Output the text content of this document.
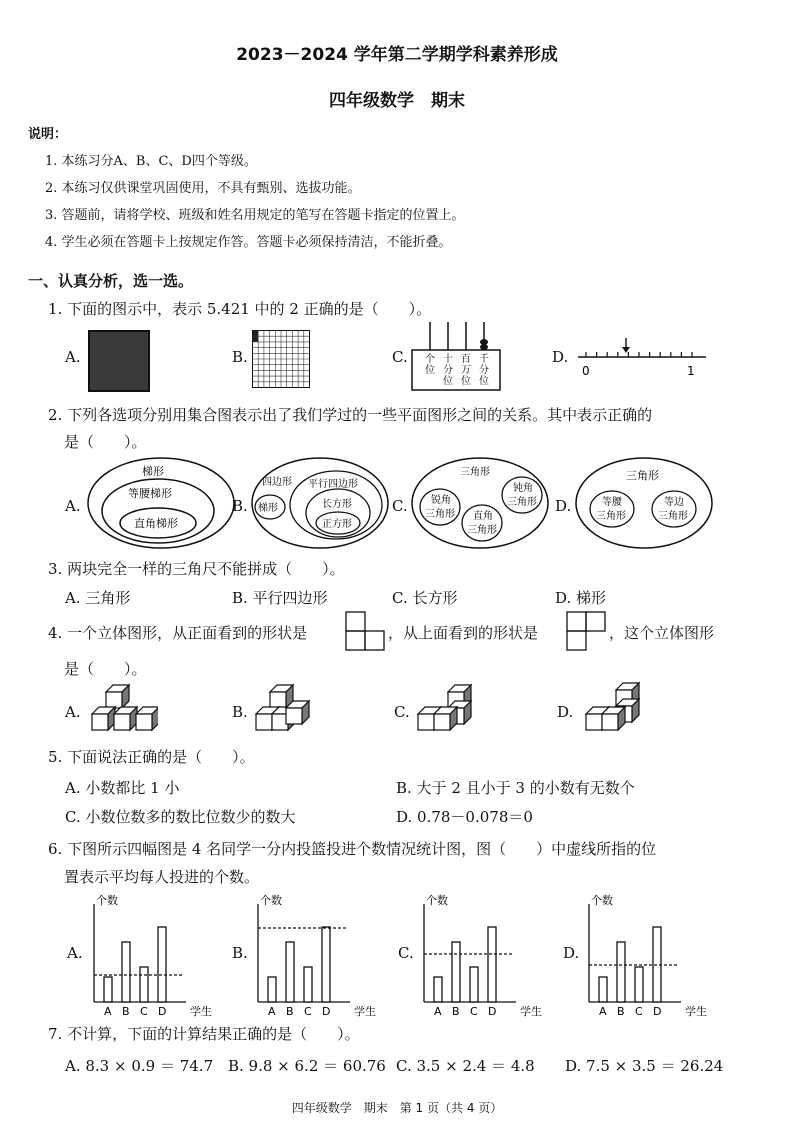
2023－2024 学年第二学期学科素养形成
四年级数学　期末
说明：
1. 本练习分A、B、C、D四个等级。
2. 本练习仅供课堂巩固使用，不具有甄别、选拔功能。
3. 答题前，请将学校、班级和姓名用规定的笔写在答题卡指定的位置上。
4. 学生必须在答题卡上按规定作答。答题卡必须保持清洁，不能折叠。
一、认真分析，选一选。
1. 下面的图示中，表示 5.421 中的 2 正确的是（　　）。
A.	B.	C. 个
位
十
分
位
百
万
位
千
分
位
D.
0	1
2. 下列各选项分别用集合图表示出了我们学过的一些平面图形之间的关系。其中表示正确的
是（　　）。
A.
梯形
等腰梯形
直角梯形
B.
四边形
梯形
平行四边形
长方形
正方形
C.
三角形
锐角
三角形
钝角
三角形
直角
三角形
D.
三角形
等腰
三角形
等边
三角形
3. 两块完全一样的三角尺不能拼成（　　）。
A. 三角形	B. 平行四边形	C. 长方形	D. 梯形
4. 一个立体图形，从正面看到的形状是	，从上面看到的形状是	，这个立体图形
是（　　）。
A.	B.	C.	D.
5. 下面说法正确的是（　　）。
A. 小数都比 1 小	B. 大于 2 且小于 3 的小数有无数个
C. 小数位数多的数比位数少的数大	D. 0.78－0.078＝0
6. 下图所示四幅图是 4 名同学一分内投篮投进个数情况统计图，图（　　）中虚线所指的位
置表示平均每人投进的个数。
A.
个数
学生
A B C D
B.
个数
学生
A B C D
C.
个数
学生
A B C D
D.
个数
学生
A B C D
7. 不计算，下面的计算结果正确的是（　　）。
A. 8.3 × 0.9 ＝ 74.7 B. 9.8 × 6.2 ＝ 60.76 C. 3.5 × 2.4 ＝ 4.8 D. 7.5 × 3.5 ＝ 26.24
四年级数学　期末　第 1 页（共 4 页）
